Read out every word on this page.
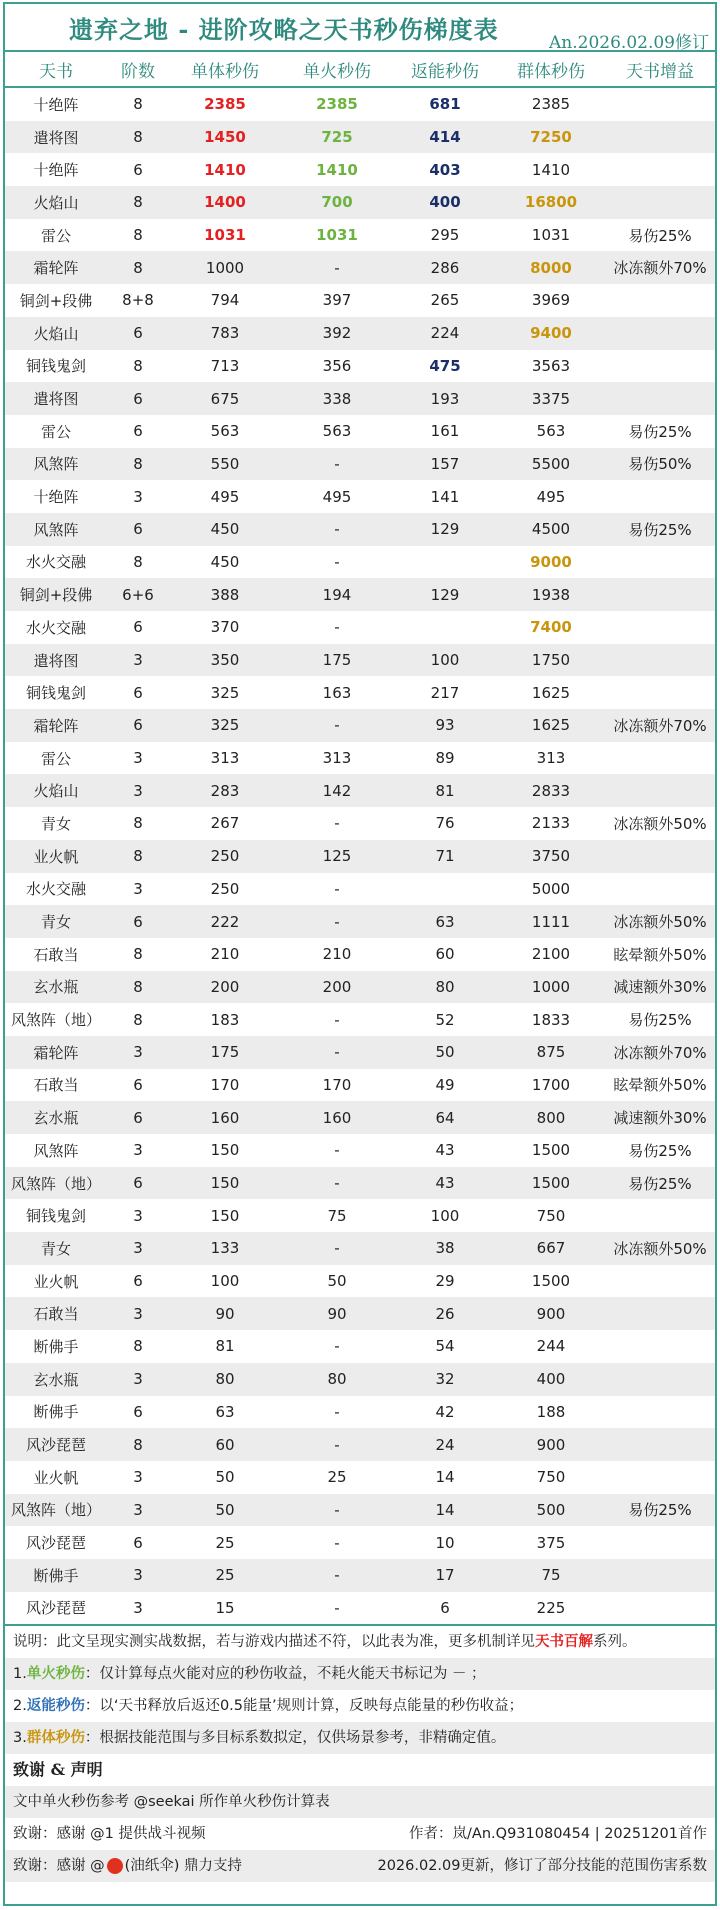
遗弃之地 - 进阶攻略之天书秒伤梯度表	An.2026.02.09修订
天书	阶数	单体秒伤	单火秒伤	返能秒伤	群体秒伤	天书增益
十绝阵	8	2385	2385	681	2385	
遣将图	8	1450	725	414	7250	
十绝阵	6	1410	1410	403	1410	
火焰山	8	1400	700	400	16800	
雷公	8	1031	1031	295	1031	易伤25%
霜轮阵	8	1000	-	286	8000	冰冻额外70%
铜剑+段佛	8+8	794	397	265	3969	
火焰山	6	783	392	224	9400	
铜钱鬼剑	8	713	356	475	3563	
遣将图	6	675	338	193	3375	
雷公	6	563	563	161	563	易伤25%
风煞阵	8	550	-	157	5500	易伤50%
十绝阵	3	495	495	141	495	
风煞阵	6	450	-	129	4500	易伤25%
水火交融	8	450	-		9000	
铜剑+段佛	6+6	388	194	129	1938	
水火交融	6	370	-		7400	
遣将图	3	350	175	100	1750	
铜钱鬼剑	6	325	163	217	1625	
霜轮阵	6	325	-	93	1625	冰冻额外70%
雷公	3	313	313	89	313	
火焰山	3	283	142	81	2833	
青女	8	267	-	76	2133	冰冻额外50%
业火帆	8	250	125	71	3750	
水火交融	3	250	-		5000	
青女	6	222	-	63	1111	冰冻额外50%
石敢当	8	210	210	60	2100	眩晕额外50%
玄水瓶	8	200	200	80	1000	减速额外30%
风煞阵（地）	8	183	-	52	1833	易伤25%
霜轮阵	3	175	-	50	875	冰冻额外70%
石敢当	6	170	170	49	1700	眩晕额外50%
玄水瓶	6	160	160	64	800	减速额外30%
风煞阵	3	150	-	43	1500	易伤25%
风煞阵（地）	6	150	-	43	1500	易伤25%
铜钱鬼剑	3	150	75	100	750	
青女	3	133	-	38	667	冰冻额外50%
业火帆	6	100	50	29	1500	
石敢当	3	90	90	26	900	
断佛手	8	81	-	54	244	
玄水瓶	3	80	80	32	400	
断佛手	6	63	-	42	188	
风沙琵琶	8	60	-	24	900	
业火帆	3	50	25	14	750	
风煞阵（地）	3	50	-	14	500	易伤25%
风沙琵琶	6	25	-	10	375	
断佛手	3	25	-	17	75	
风沙琵琶	3	15	-	6	225	
说明：此文呈现实测实战数据，若与游戏内描述不符，以此表为准，更多机制详见天书百解系列。
1.单火秒伤：仅计算每点火能对应的秒伤收益，不耗火能天书标记为 － ；
2.返能秒伤：以‘天书释放后返还0.5能量’规则计算，反映每点能量的秒伤收益；
3.群体秒伤：根据技能范围与多目标系数拟定，仅供场景参考，非精确定值。
致谢 & 声明
文中单火秒伤参考 @seekai 所作单火秒伤计算表
致谢：感谢 @1 提供战斗视频	作者：岚/An.Q931080454 | 20251201首作
致谢：感谢 @ (油纸伞) 鼎力支持	2026.02.09更新，修订了部分技能的范围伤害系数
